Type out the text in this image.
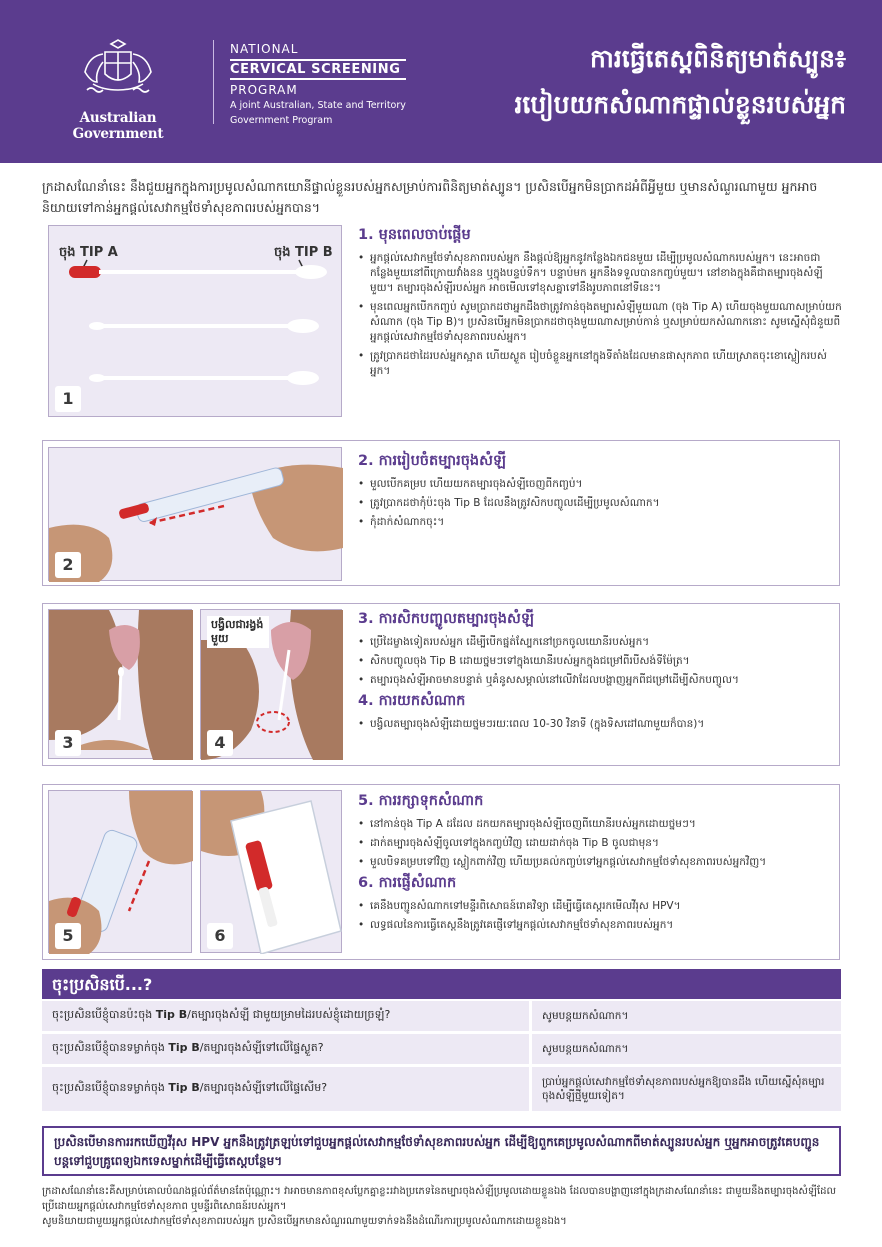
Australian Government
NATIONAL
CERVICAL SCREENING
PROGRAM
A joint Australian, State and Territory
Government Program
ការធ្វើតេស្តពិនិត្យមាត់ស្បូន៖
របៀបយកសំណាកផ្ទាល់ខ្លួនរបស់អ្នក
ក្រដាសណែនាំនេះ នឹងជួយអ្នកក្នុងការប្រមូលសំណាកយោនីផ្ទាល់ខ្លួនរបស់អ្នកសម្រាប់ការពិនិត្យមាត់ស្បូន។ ប្រសិនបើអ្នកមិនប្រាកដអំពីអ្វីមួយ ឬមានសំណួរណាមួយ អ្នកអាចនិយាយទៅកាន់អ្នកផ្តល់សេវាកម្មថែទាំសុខភាពរបស់អ្នកបាន។
ចុង TIP A	ចុង TIP B
1
1. មុនពេលចាប់ផ្តើម
• អ្នកផ្តល់សេវាកម្មថែទាំសុខភាពរបស់អ្នក នឹងផ្តល់ឱ្យអ្នកនូវកន្លែងឯកជនមួយ ដើម្បីប្រមូលសំណាករបស់អ្នក។ នេះអាចជាកន្លែងមួយនៅពីក្រោយវាំងនន ឬក្នុងបន្ទប់ទឹក។ បន្ទាប់មក អ្នកនឹងទទួលបានកញ្ចប់មួយ។ នៅខាងក្នុងគឺជាតម្បារចុងសំឡីមួយ។ តម្បារចុងសំឡីរបស់អ្នក អាចមើលទៅខុសគ្នាទៅនឹងរូបភាពនៅទីនេះ។
• មុនពេលអ្នកបើកកញ្ចប់ សូមប្រាកដថាអ្នកដឹងថាត្រូវកាន់ចុងតម្បារសំឡីមួយណា (ចុង Tip A) ហើយចុងមួយណាសម្រាប់យកសំណាក (ចុង Tip B)។ ប្រសិនបើអ្នកមិនប្រាកដថាចុងមួយណាសម្រាប់កាន់ ឬសម្រាប់យកសំណាកនោះ សូមស្នើសុំជំនួយពីអ្នកផ្តល់សេវាកម្មថែទាំសុខភាពរបស់អ្នក។
• ត្រូវប្រាកដថាដៃរបស់អ្នកស្អាត ហើយស្ងួត រៀបចំខ្លួនអ្នកនៅក្នុងទីតាំងដែលមានផាសុកភាព ហើយស្រាតចុះខោស្លៀករបស់អ្នក។
2
2. ការរៀបចំតម្បារចុងសំឡី
• មួលបើកគម្រប ហើយយកតម្បារចុងសំឡីចេញពីកញ្ចប់។
• ត្រូវប្រាកដថាកុំប៉ះចុង Tip B ដែលនឹងត្រូវសិកបញ្ចូលដើម្បីប្រមូលសំណាក។
• កុំដាក់សំណាកចុះ។
3
បង្វិលជារង្វង់មួយ
4
3. ការសិកបញ្ចូលតម្បារចុងសំឡី
• ប្រើដៃម្ខាងទៀតរបស់អ្នក ដើម្បីបើកផ្នត់ស្បែកនៅច្រកចូលយោនីរបស់អ្នក។
• សិកបញ្ចូលចុង Tip B ដោយថ្នមៗទៅក្នុងយោនីរបស់អ្នកក្នុងជម្រៅពីរបីសង់ទីម៉ែត្រ។
• តម្បារចុងសំឡីអាចមានបន្ទាត់ ឬគំនូសសម្គាល់នៅលើវាដែលបង្ហាញអ្នកពីជម្រៅដើម្បីសិកបញ្ចូល។
4. ការយកសំណាក
• បង្វិលតម្បារចុងសំឡីដោយថ្នមៗរយៈពេល 10-30 វិនាទី (ក្នុងទិសដៅណាមួយក៏បាន)។
5	6
5. ការរក្សាទុកសំណាក
• នៅកាន់ចុង Tip A ដដែល ដកយកតម្បារចុងសំឡីចេញពីយោនីរបស់អ្នកដោយថ្នមៗ។
• ដាក់តម្បារចុងសំឡីចូលទៅក្នុងកញ្ចប់វិញ ដោយដាក់ចុង Tip B ចូលជាមុន។
• មួលបិទគម្របទៅវិញ ស្លៀកពាក់វិញ ហើយប្រគល់កញ្ចប់ទៅអ្នកផ្តល់សេវាកម្មថែទាំសុខភាពរបស់អ្នកវិញ។
6. ការផ្ញើសំណាក
• គេនឹងបញ្ជូនសំណាកទៅមន្ទីរពិសោធន៍រោគវិទ្យា ដើម្បីធ្វើតេស្តរកមើលវីរុស HPV។
• លទ្ធផលនៃការធ្វើតេស្តនឹងត្រូវគេផ្ញើទៅអ្នកផ្តល់សេវាកម្មថែទាំសុខភាពរបស់អ្នក។
ចុះប្រសិនបើ...?
ចុះប្រសិនបើខ្ញុំបានប៉ះចុង Tip B/តម្បារចុងសំឡី ជាមួយម្រាមដៃរបស់ខ្ញុំដោយច្រឡំ?	សូមបន្តយកសំណាក។
ចុះប្រសិនបើខ្ញុំបានទម្លាក់ចុង Tip B/តម្បារចុងសំឡីទៅលើផ្ទៃស្ងួត?	សូមបន្តយកសំណាក។
ចុះប្រសិនបើខ្ញុំបានទម្លាក់ចុង Tip B/តម្បារចុងសំឡីទៅលើផ្ទៃសើម?	ប្រាប់អ្នកផ្តល់សេវាកម្មថែទាំសុខភាពរបស់អ្នកឱ្យបានដឹង ហើយស្នើសុំតម្បារចុងសំឡីថ្មីមួយទៀត។
ប្រសិនបើមានការរកឃើញវីរុស HPV អ្នកនឹងត្រូវត្រឡប់ទៅជួបអ្នកផ្តល់សេវាកម្មថែទាំសុខភាពរបស់អ្នក ដើម្បីឱ្យពួកគេប្រមូលសំណាកពីមាត់ស្បូនរបស់អ្នក ឬអ្នកអាចត្រូវគេបញ្ជូនបន្តទៅជួបគ្រូពេទ្យឯកទេសម្នាក់ដើម្បីធ្វើតេស្តបន្ថែម។
ក្រដាសណែនាំនេះគឺសម្រាប់គោលបំណងផ្តល់ព័ត៌មានតែប៉ុណ្ណោះ។ វាអាចមានភាពខុសប្លែកគ្នាខ្លះរវាងប្រភេទនៃតម្បារចុងសំឡីប្រមូលដោយខ្លួនឯង ដែលបានបង្ហាញនៅក្នុងក្រដាសណែនាំនេះ ជាមួយនឹងតម្បារចុងសំឡីដែលប្រើដោយអ្នកផ្តល់សេវាកម្មថែទាំសុខភាព ឬមន្ទីរពិសោធន៍របស់អ្នក។
សូមនិយាយជាមួយអ្នកផ្តល់សេវាកម្មថែទាំសុខភាពរបស់អ្នក ប្រសិនបើអ្នកមានសំណួរណាមួយទាក់ទងនឹងដំណើរការប្រមូលសំណាកដោយខ្លួនឯង។
